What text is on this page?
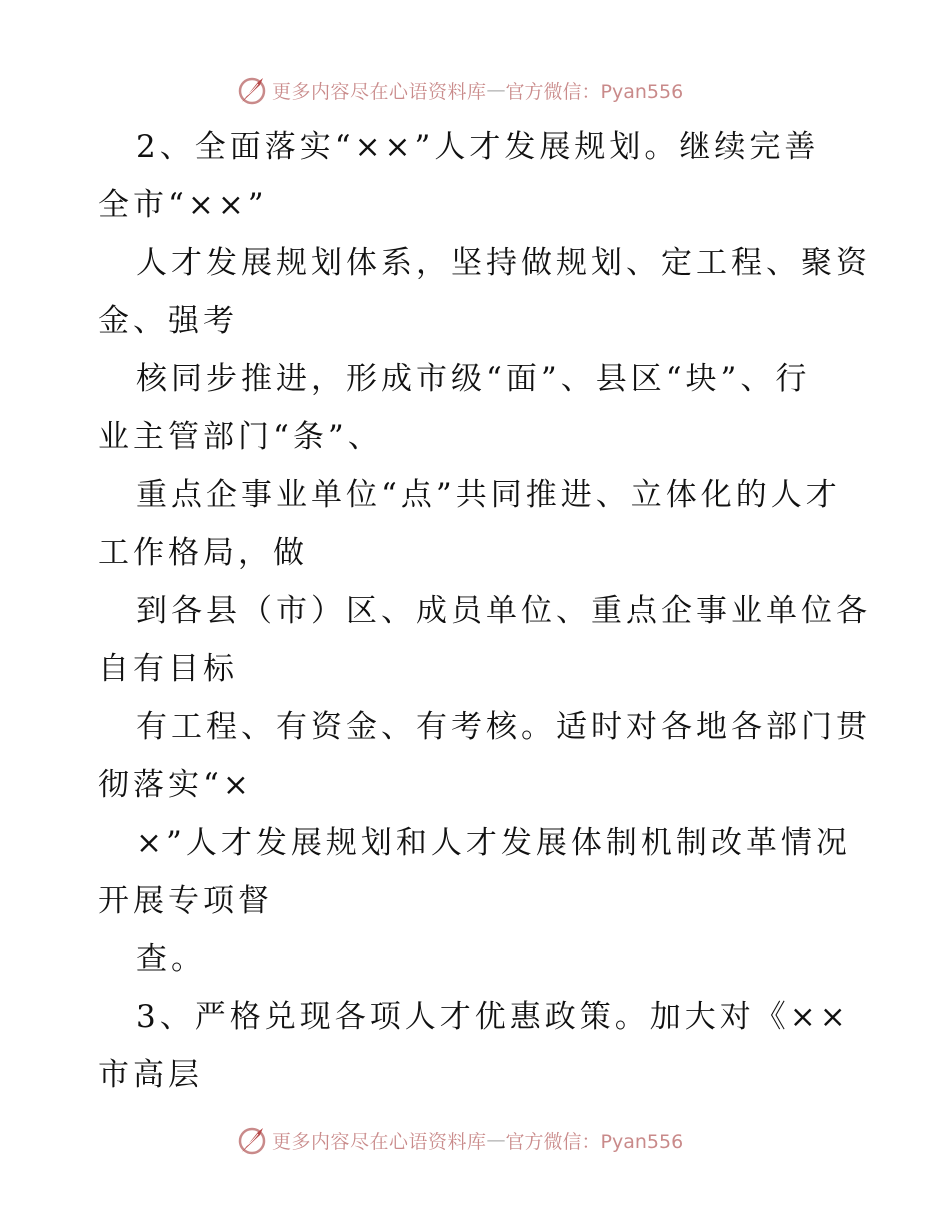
更多内容尽在心语资料库 — 官方微信：Pyan556
2、全面落实“××”人才发展规划。继续完善
全市“××”
人才发展规划体系，坚持做规划、定工程、聚资
金、强考
核同步推进，形成市级“面”、县区“块”、行
业主管部门“条”、
重点企事业单位“点”共同推进、立体化的人才
工作格局，做
到各县（市）区、成员单位、重点企事业单位各
自有目标
有工程、有资金、有考核。适时对各地各部门贯
彻落实“×
×”人才发展规划和人才发展体制机制改革情况
开展专项督
查。
3、严格兑现各项人才优惠政策。加大对《××
市高层
更多内容尽在心语资料库 — 官方微信：Pyan556
